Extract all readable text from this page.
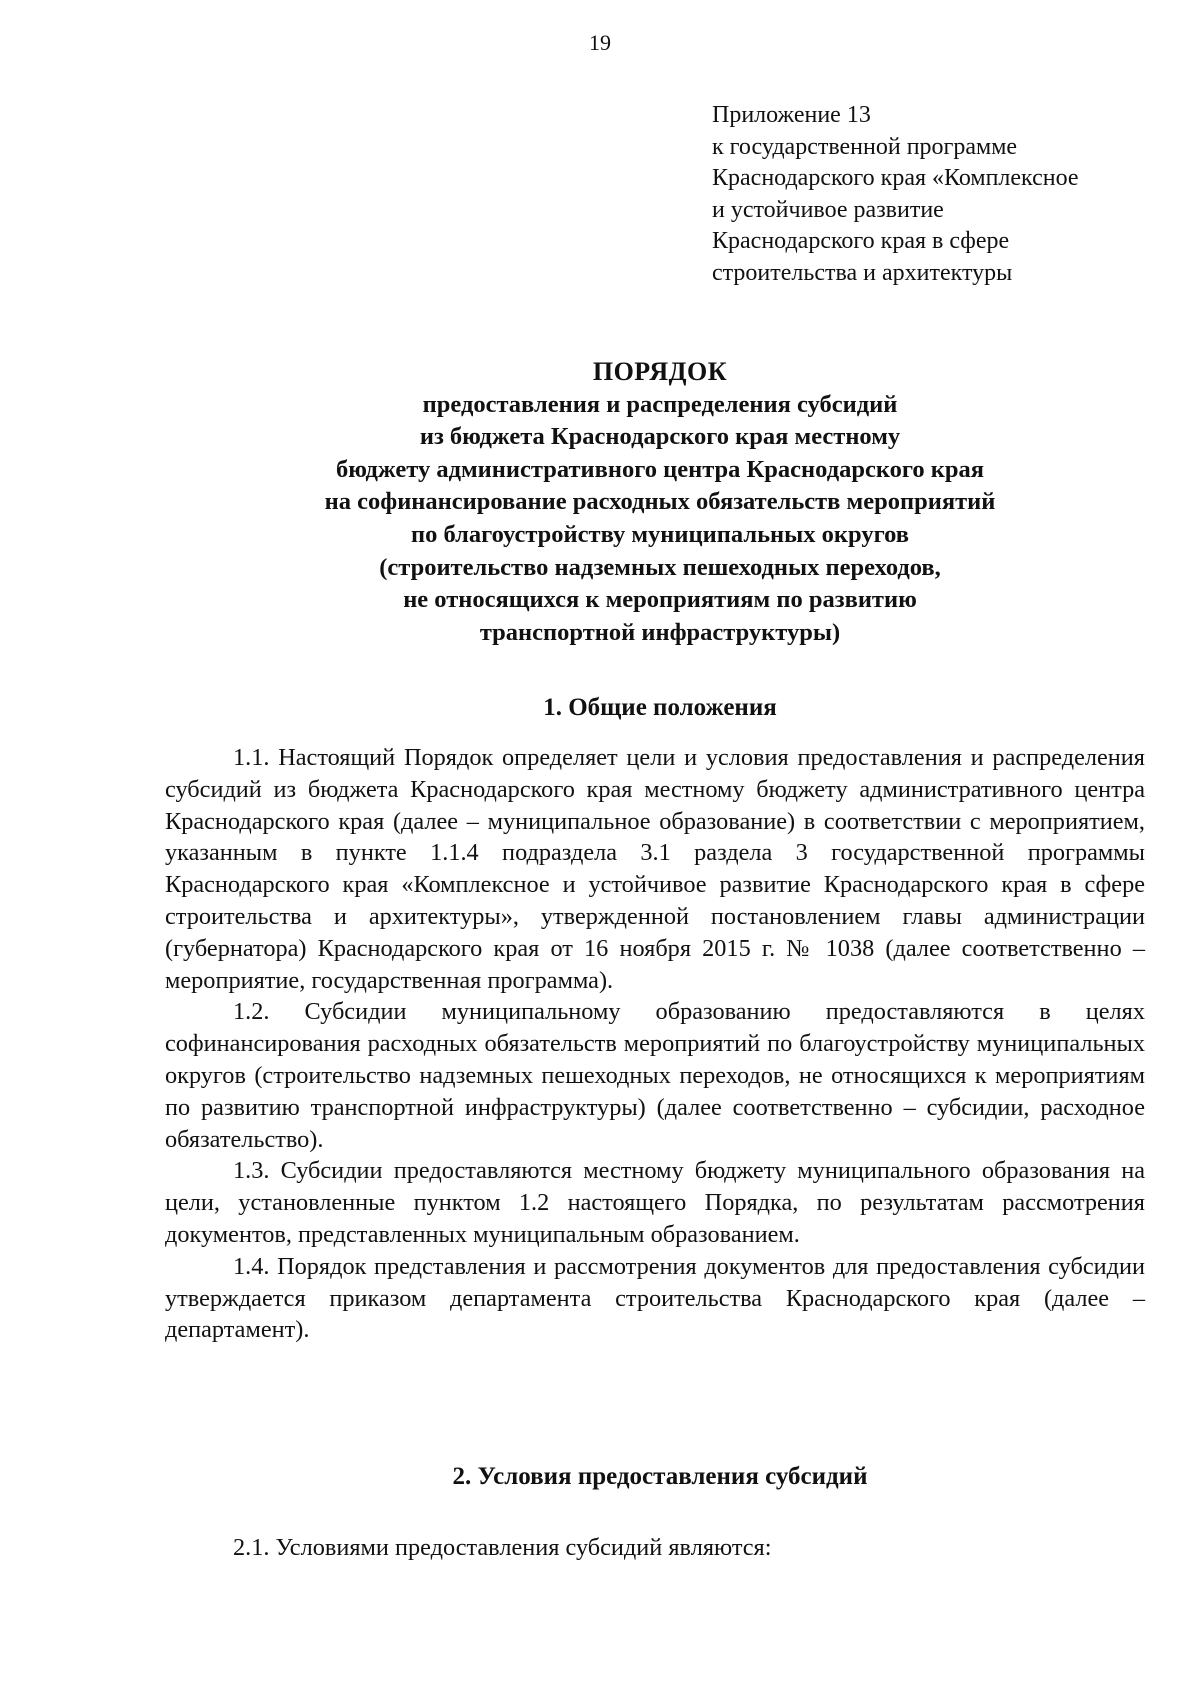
19
Приложение 13
к государственной программе
Краснодарского края «Комплексное
и устойчивое развитие
Краснодарского края в сфере
строительства и архитектуры
ПОРЯДОК
предоставления и распределения субсидий
из бюджета Краснодарского края местному
бюджету административного центра Краснодарского края
на софинансирование расходных обязательств мероприятий
по благоустройству муниципальных округов
(строительство надземных пешеходных переходов,
не относящихся к мероприятиям по развитию
транспортной инфраструктуры)
1. Общие положения

1.1. Настоящий Порядок определяет цели и условия предоставления и распределения субсидий из бюджета Краснодарского края местному бюджету административного центра Краснодарского края (далее – муниципальное образование) в соответствии с мероприятием, указанным в пункте 1.1.4 подраздела 3.1 раздела 3 государственной программы Краснодарского края «Комплексное и устойчивое развитие Краснодарского края в сфере строительства и архитектуры», утвержденной постановлением главы администрации (губернатора) Краснодарского края от 16 ноября 2015 г. № 1038 (далее соответственно – мероприятие, государственная программа).

1.2. Субсидии муниципальному образованию предоставляются в целях софинансирования расходных обязательств мероприятий по благоустройству муниципальных округов (строительство надземных пешеходных переходов, не относящихся к мероприятиям по развитию транспортной инфраструктуры) (далее соответственно – субсидии, расходное обязательство).

1.3. Субсидии предоставляются местному бюджету муниципального образования на цели, установленные пунктом 1.2 настоящего Порядка, по результатам рассмотрения документов, представленных муниципальным образованием.

1.4. Порядок представления и рассмотрения документов для предоставления субсидии утверждается приказом департамента строительства Краснодарского края (далее – департамент).

2. Условия предоставления субсидий

2.1. Условиями предоставления субсидий являются:
